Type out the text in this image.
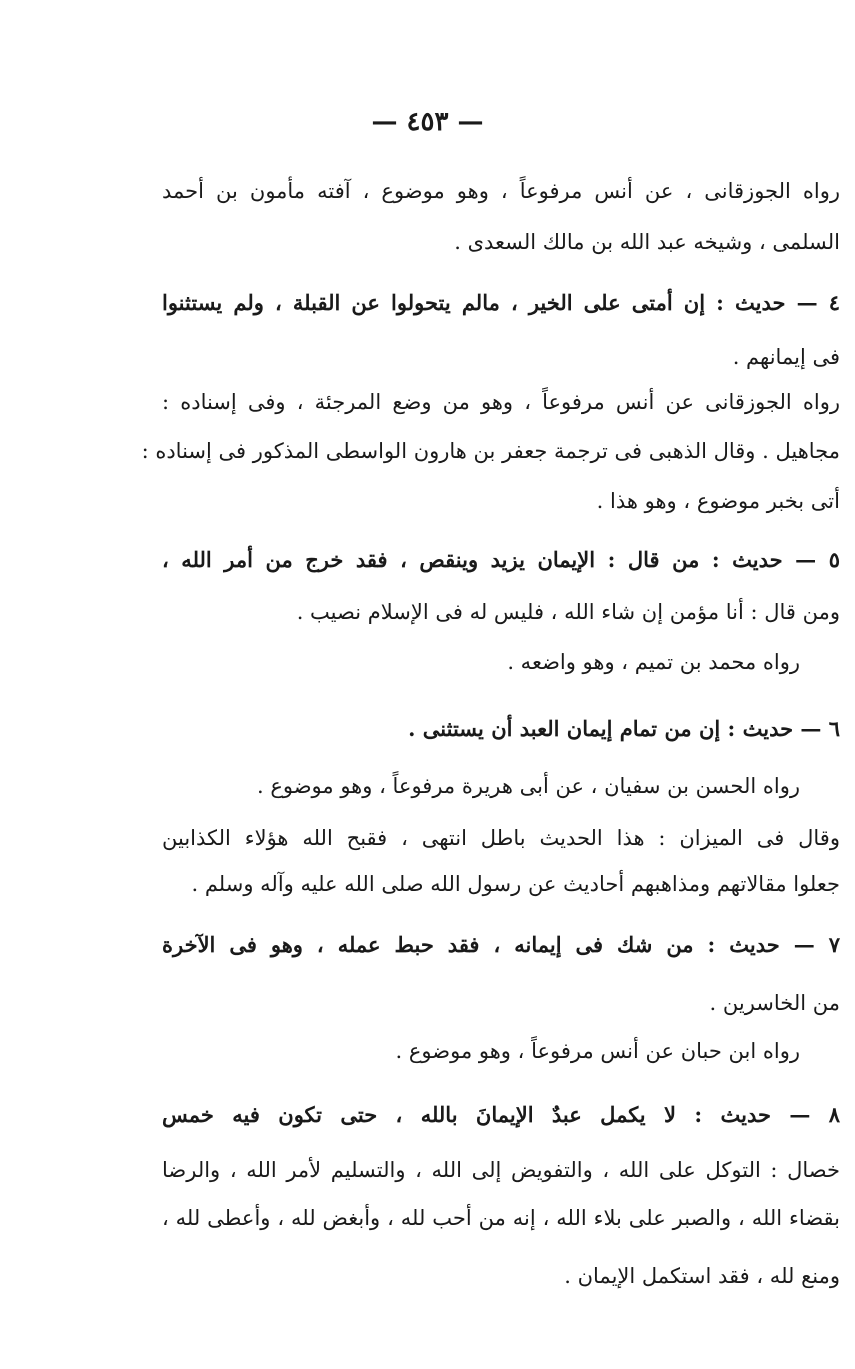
— ٤٥٣ —
رواه الجوزقانى ، عن أنس مرفوعاً ، وهو موضوع ، آفته مأمون بن أحمد
السلمى ، وشيخه عبد الله بن مالك السعدى .
٤ — حديث : إن أمتى على الخير ، مالم يتحولوا عن القبلة ، ولم يستثنوا
فى إيمانهم .
رواه الجوزقانى عن أنس مرفوعاً ، وهو من وضع المرجئة ، وفى إسناده :
مجاهيل . وقال الذهبى فى ترجمة جعفر بن هارون الواسطى المذكور فى إسناده :
أتى بخبر موضوع ، وهو هذا .
٥ — حديث : من قال : الإيمان يزيد وينقص ، فقد خرج من أمر الله ،
ومن قال : أنا مؤمن إن شاء الله ، فليس له فى الإسلام نصيب .
رواه محمد بن تميم ، وهو واضعه .
٦ — حديث : إن من تمام إيمان العبد أن يستثنى .
رواه الحسن بن سفيان ، عن أبى هريرة مرفوعاً ، وهو موضوع .
وقال فى الميزان : هذا الحديث باطل انتهى ، فقبح الله هؤلاء الكذابين
جعلوا مقالاتهم ومذاهبهم أحاديث عن رسول الله صلى الله عليه وآله وسلم .
٧ — حديث : من شك فى إيمانه ، فقد حبط عمله ، وهو فى الآخرة
من الخاسرين .
رواه ابن حبان عن أنس مرفوعاً ، وهو موضوع .
٨ — حديث : لا يكمل عبدٌ الإيمانَ بالله ، حتى تكون فيه خمس
خصال : التوكل على الله ، والتفويض إلى الله ، والتسليم لأمر الله ، والرضا
بقضاء الله ، والصبر على بلاء الله ، إنه من أحب لله ، وأبغض لله ، وأعطى لله ،
ومنع لله ، فقد استكمل الإيمان .
